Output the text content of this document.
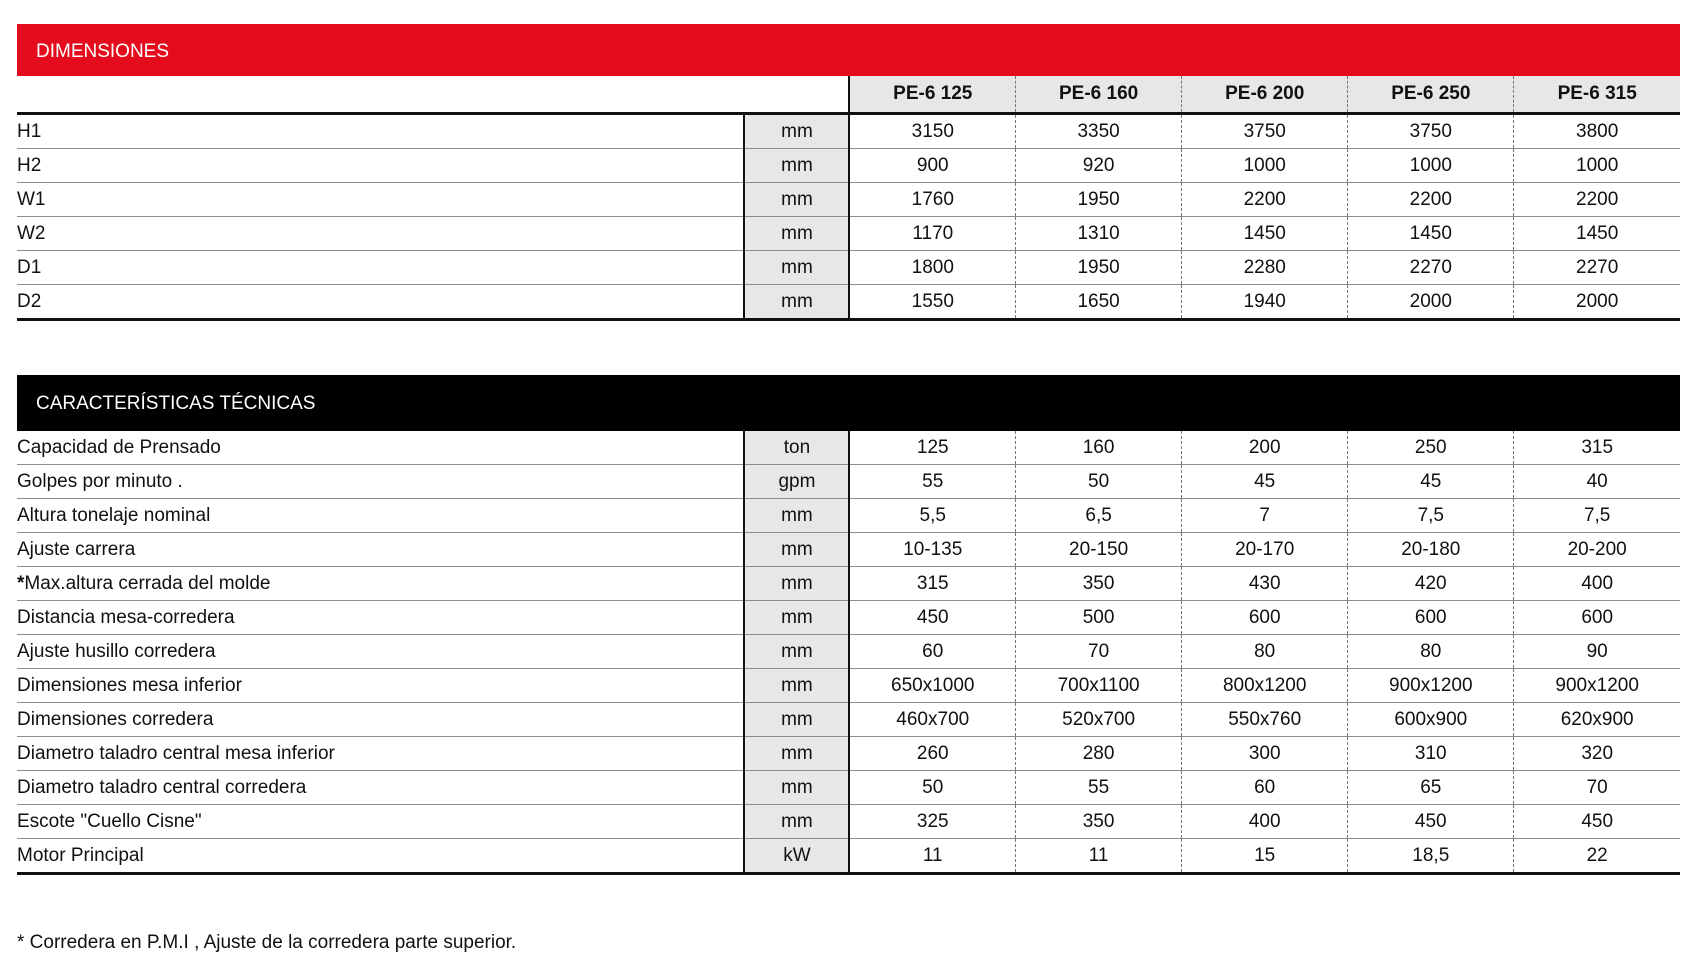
DIMENSIONES						
		PE-6 125	PE-6 160	PE-6 200	PE-6 250	PE-6 315
H1	mm	3150	3350	3750	3750	3800
H2	mm	900	920	1000	1000	1000
W1	mm	1760	1950	2200	2200	2200
W2	mm	1170	1310	1450	1450	1450
D1	mm	1800	1950	2280	2270	2270
D2	mm	1550	1650	1940	2000	2000
CARACTERÍSTICAS TÉCNICAS						
Capacidad de Prensado	ton	125	160	200	250	315
Golpes por minuto .	gpm	55	50	45	45	40
Altura tonelaje nominal	mm	5,5	6,5	7	7,5	7,5
Ajuste carrera	mm	10-135	20-150	20-170	20-180	20-200
*Max.altura cerrada del molde	mm	315	350	430	420	400
Distancia mesa-corredera	mm	450	500	600	600	600
Ajuste husillo corredera	mm	60	70	80	80	90
Dimensiones mesa inferior	mm	650x1000	700x1100	800x1200	900x1200	900x1200
Dimensiones corredera	mm	460x700	520x700	550x760	600x900	620x900
Diametro taladro central mesa inferior	mm	260	280	300	310	320
Diametro taladro central corredera	mm	50	55	60	65	70
Escote "Cuello Cisne"	mm	325	350	400	450	450
Motor Principal	kW	11	11	15	18,5	22
* Corredera en P.M.I , Ajuste de la corredera parte superior.
